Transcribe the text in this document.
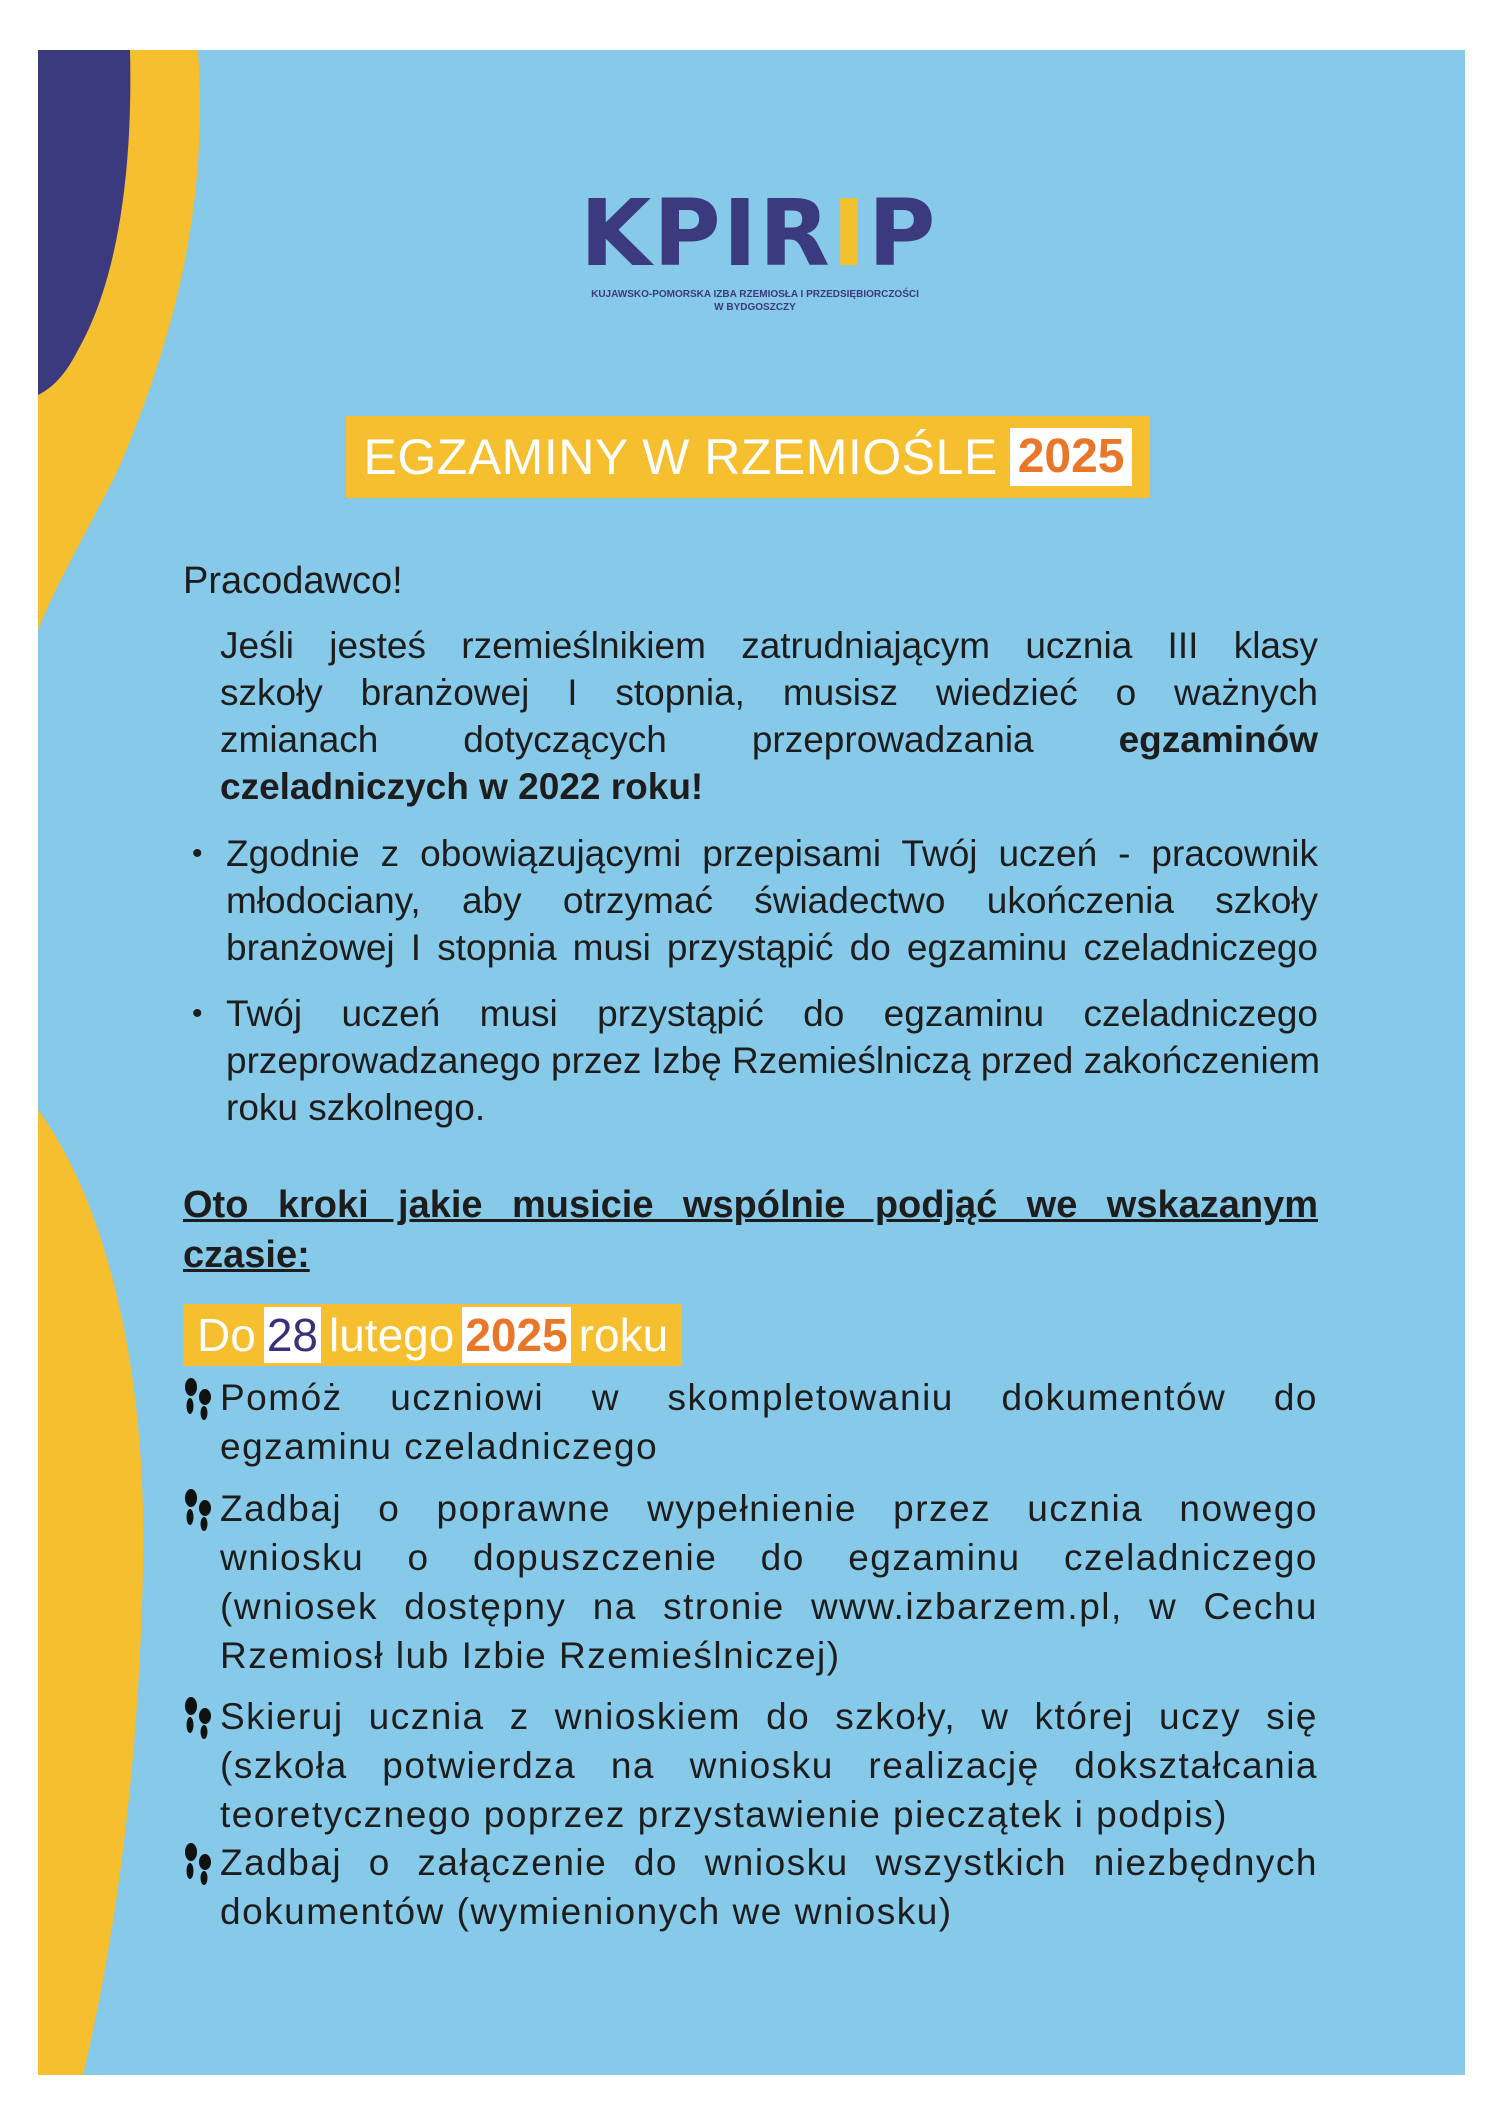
KPIRIP
KUJAWSKO-POMORSKA IZBA RZEMIOSŁA I PRZEDSIĘBIORCZOŚCI
W BYDGOSZCZY
EGZAMINY W RZEMIOŚLE 2025
Pracodawco!
Jeśli jesteś rzemieślnikiem zatrudniającym ucznia III klasy
szkoły branżowej I stopnia, musisz wiedzieć o ważnych
zmianach dotyczących przeprowadzania egzaminów
czeladniczych w 2022 roku!
• Zgodnie z obowiązującymi przepisami Twój uczeń - pracownik
młodociany, aby otrzymać świadectwo ukończenia szkoły
branżowej I stopnia musi przystąpić do egzaminu czeladniczego
• Twój uczeń musi przystąpić do egzaminu czeladniczego
przeprowadzanego przez Izbę Rzemieślniczą przed zakończeniem
roku szkolnego.
Oto kroki jakie musicie wspólnie podjąć we wskazanym
czasie:
Do 28 lutego 2025 roku
Pomóż uczniowi w skompletowaniu dokumentów do
egzaminu czeladniczego
Zadbaj o poprawne wypełnienie przez ucznia nowego
wniosku o dopuszczenie do egzaminu czeladniczego
(wniosek dostępny na stronie www.izbarzem.pl, w Cechu
Rzemiosł lub Izbie Rzemieślniczej)
Skieruj ucznia z wnioskiem do szkoły, w której uczy się
(szkoła potwierdza na wniosku realizację dokształcania
teoretycznego poprzez przystawienie pieczątek i podpis)
Zadbaj o załączenie do wniosku wszystkich niezbędnych
dokumentów (wymienionych we wniosku)
